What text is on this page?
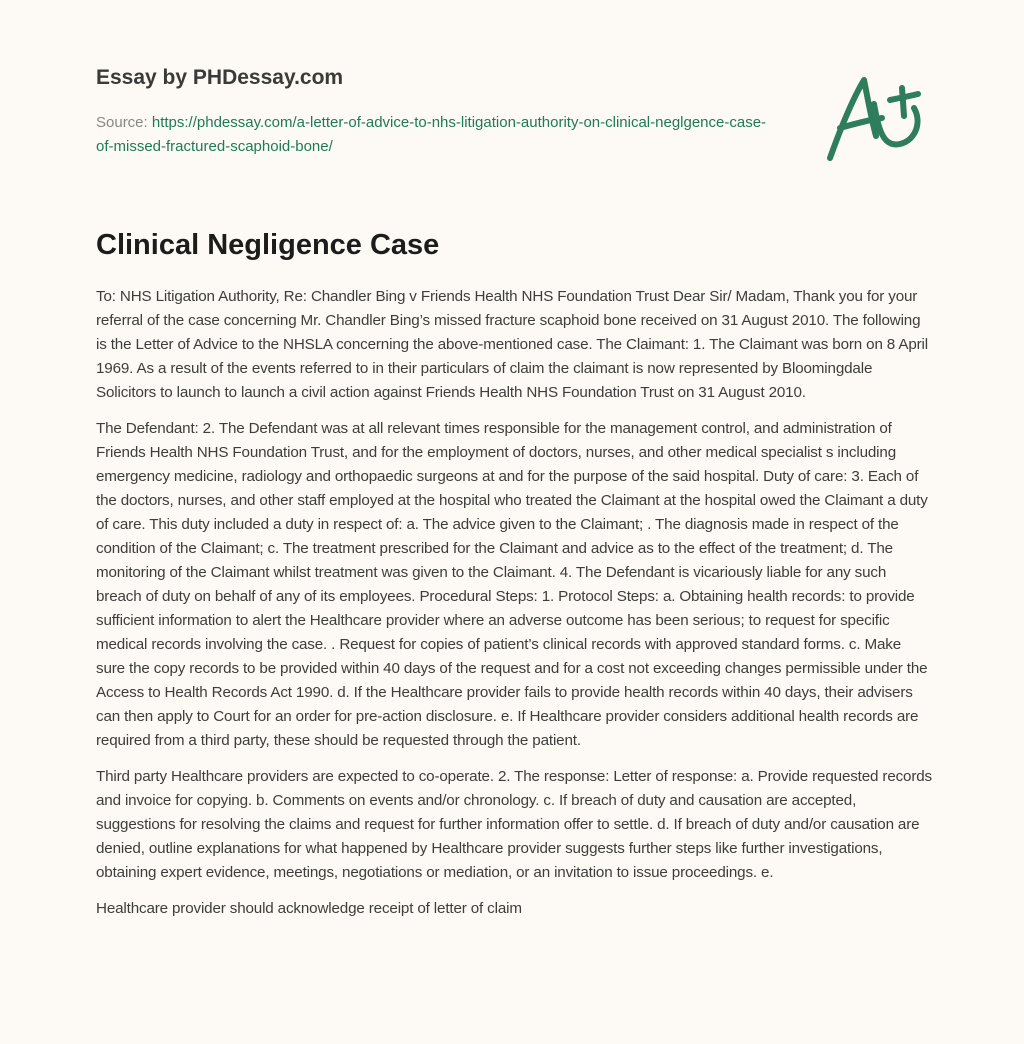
Essay by PHDessay.com
Source: https://phdessay.com/a-letter-of-advice-to-nhs-litigation-authority-on-clinical-neglgence-case-of-missed-fractured-scaphoid-bone/
Clinical Negligence Case

To: NHS Litigation Authority, Re: Chandler Bing v Friends Health NHS Foundation Trust Dear Sir/ Madam, Thank you for your referral of the case concerning Mr. Chandler Bing’s missed fracture scaphoid bone received on 31 August 2010. The following is the Letter of Advice to the NHSLA concerning the above-mentioned case. The Claimant: 1. The Claimant was born on 8 April 1969. As a result of the events referred to in their particulars of claim the claimant is now represented by Bloomingdale Solicitors to launch to launch a civil action against Friends Health NHS Foundation Trust on 31 August 2010.

The Defendant: 2. The Defendant was at all relevant times responsible for the management control, and administration of Friends Health NHS Foundation Trust, and for the employment of doctors, nurses, and other medical specialist s including emergency medicine, radiology and orthopaedic surgeons at and for the purpose of the said hospital. Duty of care: 3. Each of the doctors, nurses, and other staff employed at the hospital who treated the Claimant at the hospital owed the Claimant a duty of care. This duty included a duty in respect of: a. The advice given to the Claimant; . The diagnosis made in respect of the condition of the Claimant; c. The treatment prescribed for the Claimant and advice as to the effect of the treatment; d. The monitoring of the Claimant whilst treatment was given to the Claimant. 4. The Defendant is vicariously liable for any such breach of duty on behalf of any of its employees. Procedural Steps: 1. Protocol Steps: a. Obtaining health records: to provide sufficient information to alert the Healthcare provider where an adverse outcome has been serious; to request for specific medical records involving the case. . Request for copies of patient’s clinical records with approved standard forms. c. Make sure the copy records to be provided within 40 days of the request and for a cost not exceeding changes permissible under the Access to Health Records Act 1990. d. If the Healthcare provider fails to provide health records within 40 days, their advisers can then apply to Court for an order for pre-action disclosure. e. If Healthcare provider considers additional health records are required from a third party, these should be requested through the patient.

Third party Healthcare providers are expected to co-operate. 2. The response: Letter of response: a. Provide requested records and invoice for copying. b. Comments on events and/or chronology. c. If breach of duty and causation are accepted, suggestions for resolving the claims and request for further information offer to settle. d. If breach of duty and/or causation are denied, outline explanations for what happened by Healthcare provider suggests further steps like further investigations, obtaining expert evidence, meetings, negotiations or mediation, or an invitation to issue proceedings. e.

Healthcare provider should acknowledge receipt of letter of claim
